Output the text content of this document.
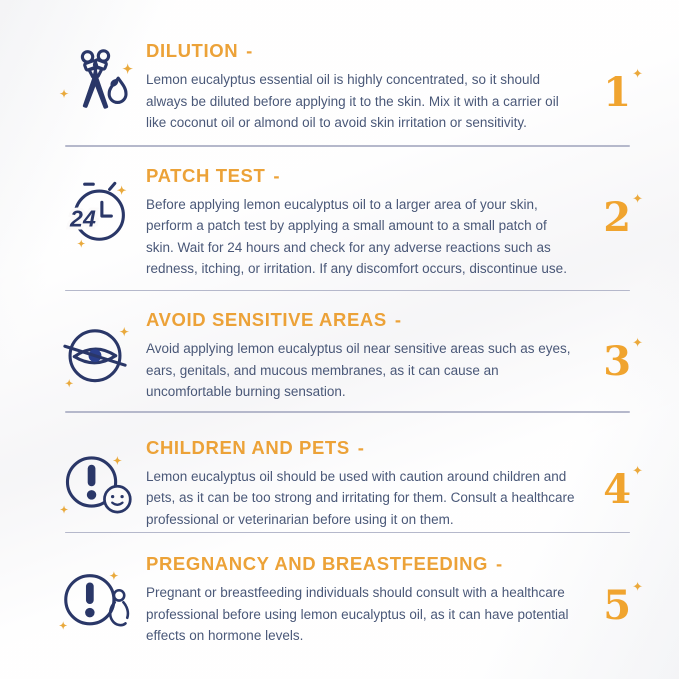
DILUTION -

Lemon eucalyptus essential oil is highly concentrated, so it should always be diluted before applying it to the skin. Mix it with a carrier oil like coconut oil or almond oil to avoid skin irritation or sensitivity.

1✦
24
PATCH TEST -

Before applying lemon eucalyptus oil to a larger area of your skin, perform a patch test by applying a small amount to a small patch of skin. Wait for 24 hours and check for any adverse reactions such as redness, itching, or irritation. If any discomfort occurs, discontinue use.

2✦
AVOID SENSITIVE AREAS -

Avoid applying lemon eucalyptus oil near sensitive areas such as eyes, ears, genitals, and mucous membranes, as it can cause an uncomfortable burning sensation.

3✦
CHILDREN AND PETS -

Lemon eucalyptus oil should be used with caution around children and pets, as it can be too strong and irritating for them. Consult a healthcare professional or veterinarian before using it on them.

4✦
PREGNANCY AND BREASTFEEDING -

Pregnant or breastfeeding individuals should consult with a healthcare professional before using lemon eucalyptus oil, as it can have potential effects on hormone levels.

5✦
